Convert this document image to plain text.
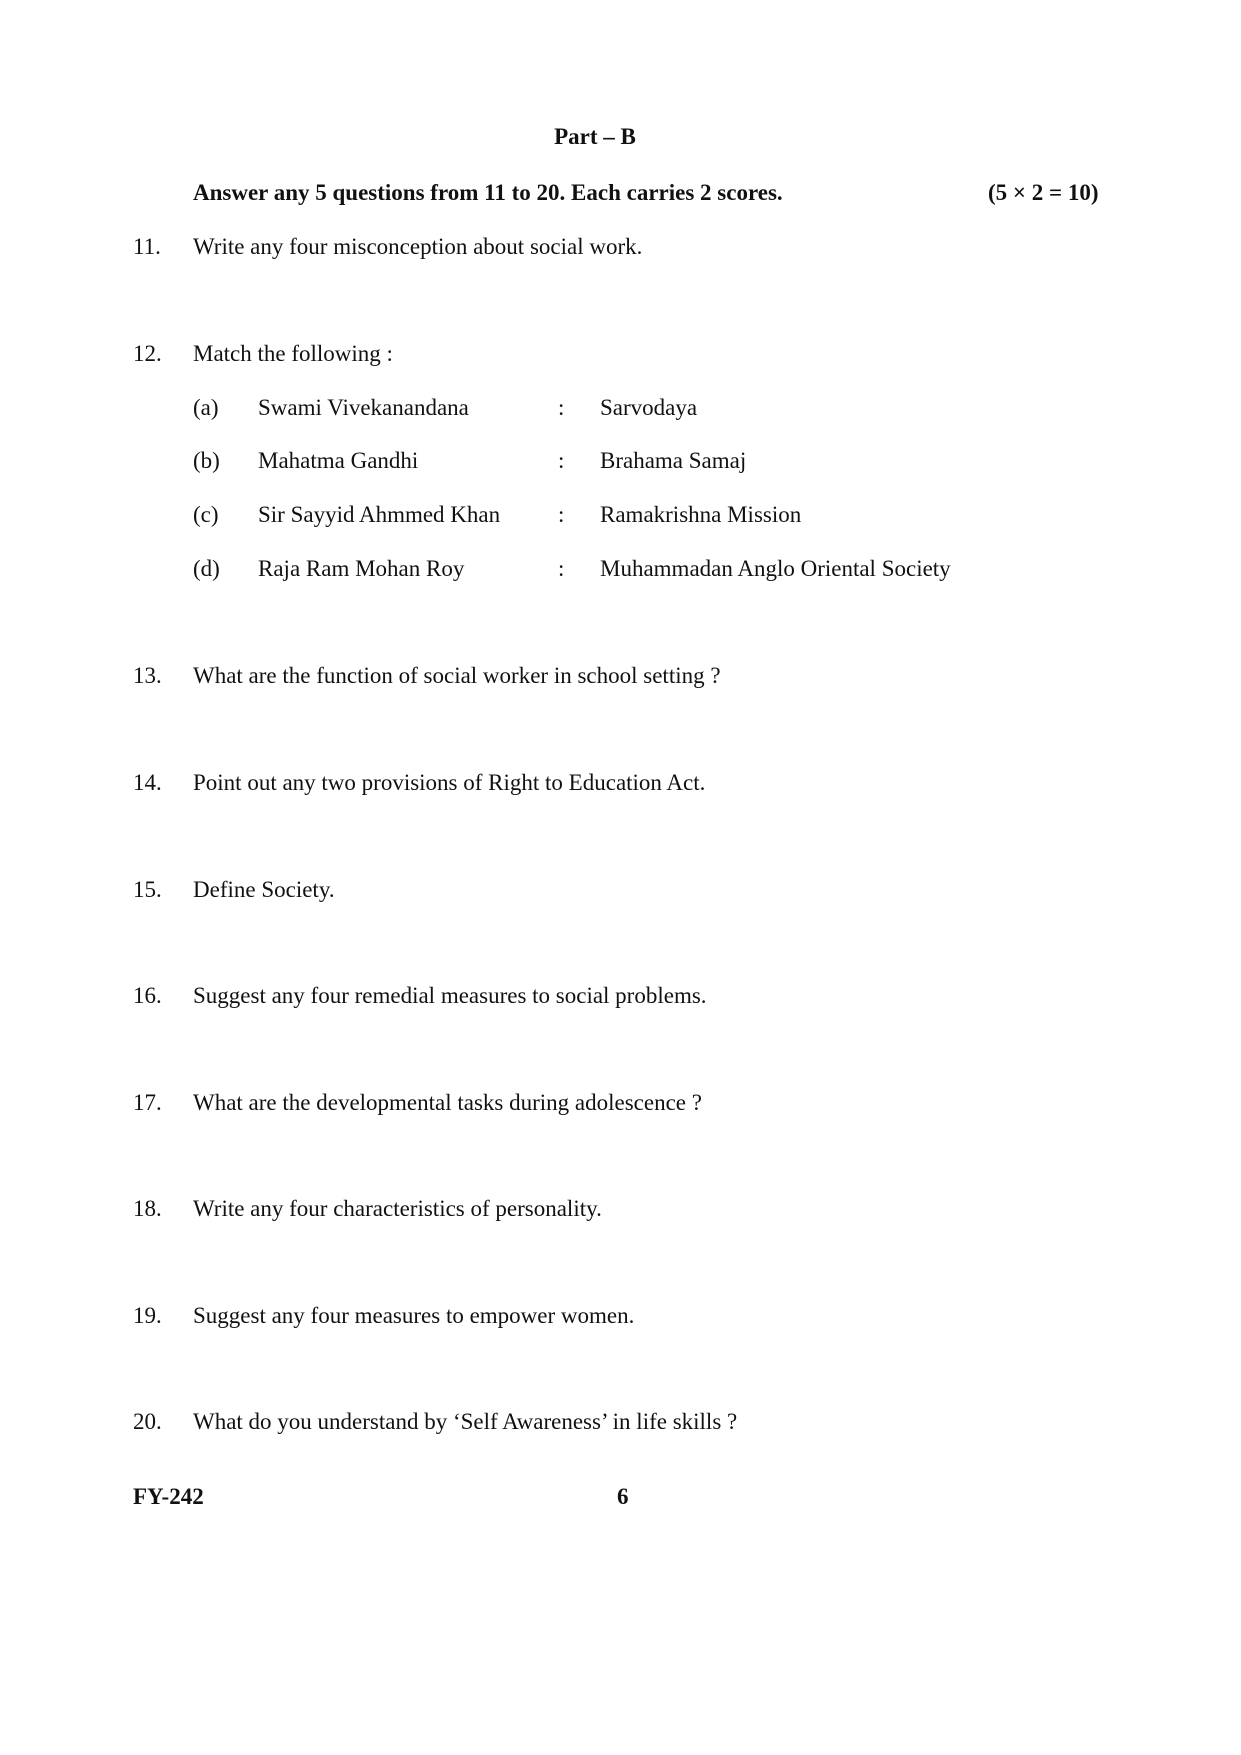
Part – B
Answer any 5 questions from 11 to 20. Each carries 2 scores.	(5 × 2 = 10)
11. Write any four misconception about social work.
12. Match the following :
(a) Swami Vivekanandana	: Sarvodaya
(b) Mahatma Gandhi	: Brahama Samaj
(c) Sir Sayyid Ahmmed Khan	: Ramakrishna Mission
(d) Raja Ram Mohan Roy	: Muhammadan Anglo Oriental Society
13. What are the function of social worker in school setting ?
14. Point out any two provisions of Right to Education Act.
15. Define Society.
16. Suggest any four remedial measures to social problems.
17. What are the developmental tasks during adolescence ?
18. Write any four characteristics of personality.
19. Suggest any four measures to empower women.
20. What do you understand by ‘Self Awareness’ in life skills ?
FY-242	6
